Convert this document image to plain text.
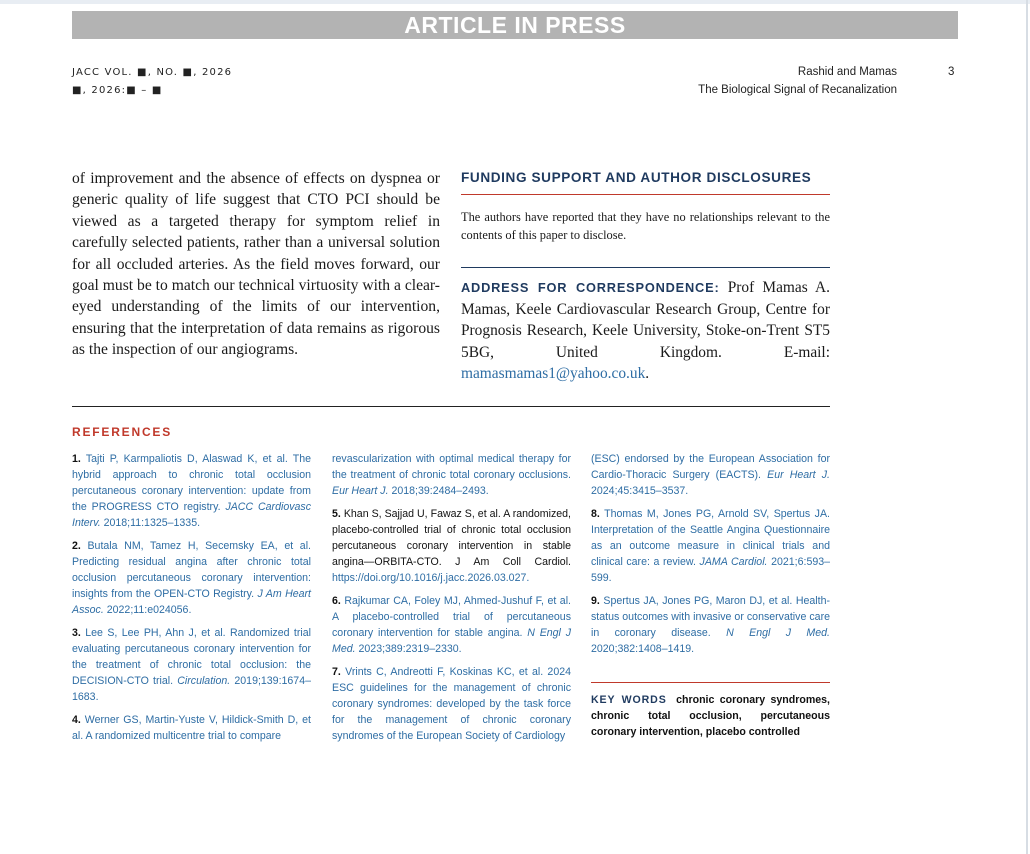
ARTICLE IN PRESS
JACC VOL. ■, NO. ■, 2026
■, 2026:■ – ■
Rashid and Mamas
The Biological Signal of Recanalization
3
of improvement and the absence of effects on dyspnea or generic quality of life suggest that CTO PCI should be viewed as a targeted therapy for symptom relief in carefully selected patients, rather than a universal solution for all occluded arteries. As the field moves forward, our goal must be to match our technical virtuosity with a clear-eyed understanding of the limits of our intervention, ensuring that the interpretation of data remains as rigorous as the inspection of our angiograms.
FUNDING SUPPORT AND AUTHOR DISCLOSURES
The authors have reported that they have no relationships relevant to the contents of this paper to disclose.
ADDRESS FOR CORRESPONDENCE: Prof Mamas A. Mamas, Keele Cardiovascular Research Group, Centre for Prognosis Research, Keele University, Stoke-on-Trent ST5 5BG, United Kingdom. E-mail: mamasmamas1@yahoo.co.uk.
REFERENCES
1. Tajti P, Karmpaliotis D, Alaswad K, et al. The hybrid approach to chronic total occlusion percutaneous coronary intervention: update from the PROGRESS CTO registry. JACC Cardiovasc Interv. 2018;11:1325–1335.
2. Butala NM, Tamez H, Secemsky EA, et al. Predicting residual angina after chronic total occlusion percutaneous coronary intervention: insights from the OPEN-CTO Registry. J Am Heart Assoc. 2022;11:e024056.
3. Lee S, Lee PH, Ahn J, et al. Randomized trial evaluating percutaneous coronary intervention for the treatment of chronic total occlusion: the DECISION-CTO trial. Circulation. 2019;139:1674–1683.
4. Werner GS, Martin-Yuste V, Hildick-Smith D, et al. A randomized multicentre trial to compare
revascularization with optimal medical therapy for the treatment of chronic total coronary occlusions. Eur Heart J. 2018;39:2484–2493.
5. Khan S, Sajjad U, Fawaz S, et al. A randomized, placebo-controlled trial of chronic total occlusion percutaneous coronary intervention in stable angina—ORBITA-CTO. J Am Coll Cardiol. https://doi.org/10.1016/j.jacc.2026.03.027.
6. Rajkumar CA, Foley MJ, Ahmed-Jushuf F, et al. A placebo-controlled trial of percutaneous coronary intervention for stable angina. N Engl J Med. 2023;389:2319–2330.
7. Vrints C, Andreotti F, Koskinas KC, et al. 2024 ESC guidelines for the management of chronic coronary syndromes: developed by the task force for the management of chronic coronary syndromes of the European Society of Cardiology
(ESC) endorsed by the European Association for Cardio-Thoracic Surgery (EACTS). Eur Heart J. 2024;45:3415–3537.
8. Thomas M, Jones PG, Arnold SV, Spertus JA. Interpretation of the Seattle Angina Questionnaire as an outcome measure in clinical trials and clinical care: a review. JAMA Cardiol. 2021;6:593–599.
9. Spertus JA, Jones PG, Maron DJ, et al. Health-status outcomes with invasive or conservative care in coronary disease. N Engl J Med. 2020;382:1408–1419.
KEY WORDS chronic coronary syndromes, chronic total occlusion, percutaneous coronary intervention, placebo controlled
